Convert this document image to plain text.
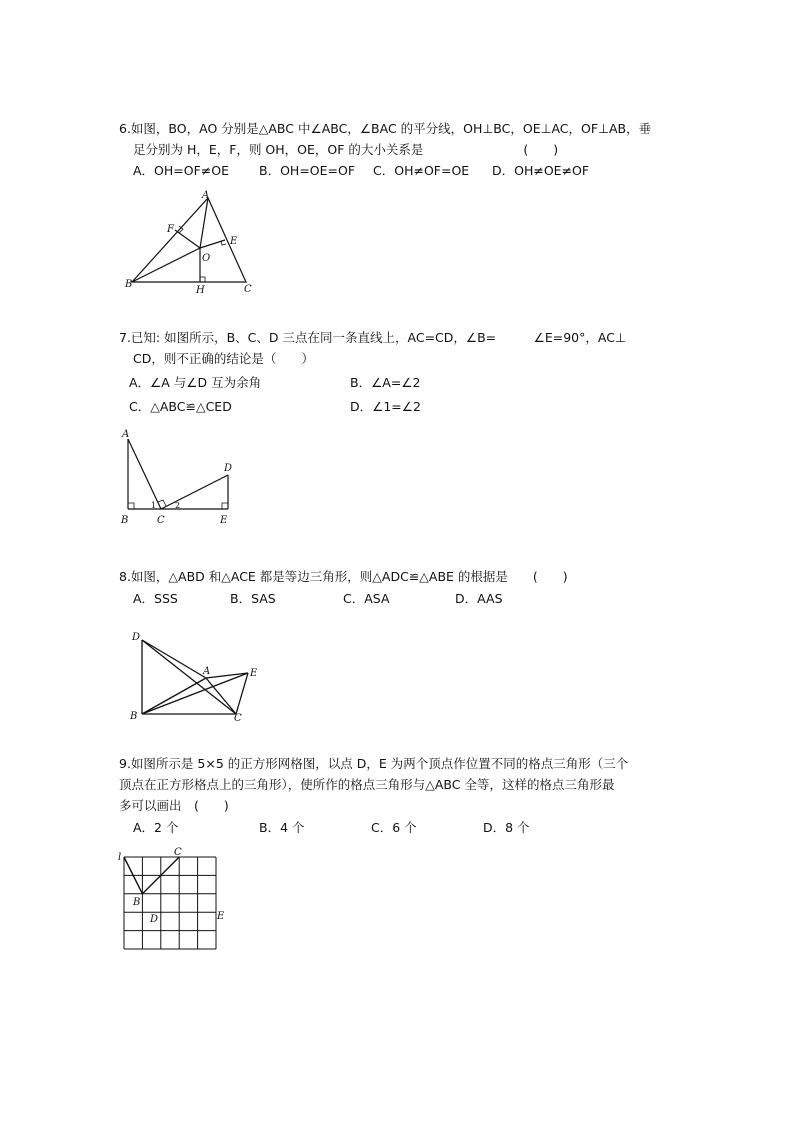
6.如图，BO，AO 分别是△ABC 中∠ABC，∠BAC 的平分线，OH⊥BC，OE⊥AC，OF⊥AB，垂
足分别为 H，E，F，则 OH，OE，OF 的大小关系是　　　　　　　　(　　)
A．OH=OF≠OE B．OH=OE=OF C．OH≠OF=OE D．OH≠OE≠OF
A
F
E
O
B
H	C
7.已知: 如图所示，B、C、D 三点在同一条直线上，AC=CD，∠B=　　　∠E=90°，AC⊥
CD，则不正确的结论是（　　）
A．∠A 与∠D 互为余角	B．∠A=∠2
C．△ABC≌△CED	D．∠1=∠2
A
D
B	C	E
1 2
8.如图，△ABD 和△ACE 都是等边三角形，则△ADC≌△ABE 的根据是　　(　　)
A．SSS	B．SAS	C．ASA	D．AAS
D
A	E
B	C
9.如图所示是 5×5 的正方形网格图，以点 D，E 为两个顶点作位置不同的格点三角形（三个
顶点在正方形格点上的三角形），使所作的格点三角形与△ABC 全等，这样的格点三角形最
多可以画出　(　　)
A．2 个	B．4 个	C．6 个	D．8 个
l	C
B
D	E
